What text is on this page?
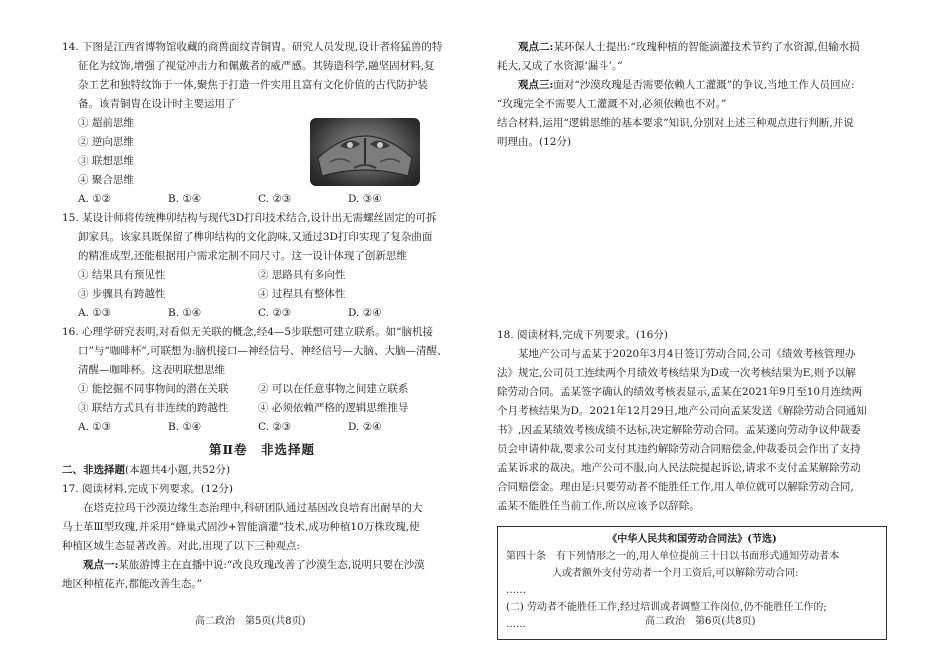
14. 下图是江西省博物馆收藏的商兽面纹青铜胄。研究人员发现,设计者将猛兽的特

征化为纹饰,增强了视觉冲击力和佩戴者的威严感。其铸造科学,融坚固材料,复

杂工艺和独特纹饰于一体,聚焦于打造一件实用且富有文化价值的古代防护装

备。该青铜胄在设计时主要运用了

① 超前思维
② 逆向思维
③ 联想思维
④ 聚合思维
A. ①②	B. ①④	C. ②③	D. ③④

15. 某设计师将传统榫卯结构与现代3D打印技术结合,设计出无需螺丝固定的可拆

卸家具。该家具既保留了榫卯结构的文化韵味,又通过3D打印实现了复杂曲面

的精准成型,还能根据用户需求定制不同尺寸。这一设计体现了创新思维

① 结果具有预见性	② 思路具有多向性
③ 步骤具有跨越性	④ 过程具有整体性
A. ①③	B. ①④	C. ②③	D. ②④

16. 心理学研究表明,对看似无关联的概念,经4—5步联想可建立联系。如“脑机接

口”与“咖啡杯”,可联想为:脑机接口—神经信号、神经信号—大脑、大脑—清醒、

清醒—咖啡杯。这表明联想思维

① 能挖掘不同事物间的潜在关联	② 可以在任意事物之间建立联系
③ 联结方式具有非连续的跨越性	④ 必须依赖严格的逻辑思维推导
A. ①③	B. ①④	C. ②③	D. ②④
第Ⅱ卷　非选择题

二、非选择题(本题共4小题,共52分)

17. 阅读材料,完成下列要求。(12分)

在塔克拉玛干沙漠边缘生态治理中,科研团队通过基因改良培育出耐旱的大

马士革Ⅲ型玫瑰,并采用“蜂巢式固沙+智能滴灌”技术,成功种植10万株玫瑰,使

种植区域生态显著改善。对此,出现了以下三种观点:

观点一:某旅游博主在直播中说:“改良玫瑰改善了沙漠生态,说明只要在沙漠

地区种植花卉,都能改善生态。”

观点二:某环保人士提出:“玫瑰种植的智能滴灌技术节约了水资源,但输水损

耗大,又成了水资源‘漏斗’。”

观点三:面对“沙漠玫瑰是否需要依赖人工灌溉”的争议,当地工作人员回应:

“玫瑰完全不需要人工灌溉不对,必须依赖也不对。”

结合材料,运用“逻辑思维的基本要求”知识,分别对上述三种观点进行判断,并说

明理由。(12分)

18. 阅读材料,完成下列要求。(16分)

某地产公司与孟某于2020年3月4日签订劳动合同,公司《绩效考核管理办

法》规定,公司员工连续两个月绩效考核结果为D或一次考核结果为E,则予以解

除劳动合同。孟某签字确认的绩效考核表显示,孟某在2021年9月至10月连续两

个月考核结果为D。2021年12月29日,地产公司向孟某发送《解除劳动合同通知

书》,因孟某绩效考核成绩不达标,决定解除劳动合同。孟某遂向劳动争议仲裁委

员会申请仲裁,要求公司支付其违约解除劳动合同赔偿金,仲裁委员会作出了支持

孟某诉求的裁决。地产公司不服,向人民法院提起诉讼,请求不支付孟某解除劳动

合同赔偿金。理由是:只要劳动者不能胜任工作,用人单位就可以解除劳动合同,

孟某不能胜任当前工作,所以应该予以辞除。

《中华人民共和国劳动合同法》(节选)
第四十条　有下列情形之一的,用人单位提前三十日以书面形式通知劳动者本
人或者额外支付劳动者一个月工资后,可以解除劳动合同:
……
(二) 劳动者不能胜任工作,经过培训或者调整工作岗位,仍不能胜任工作的;
……
高二政治　第5页(共8页)	高二政治　第6页(共8页)
